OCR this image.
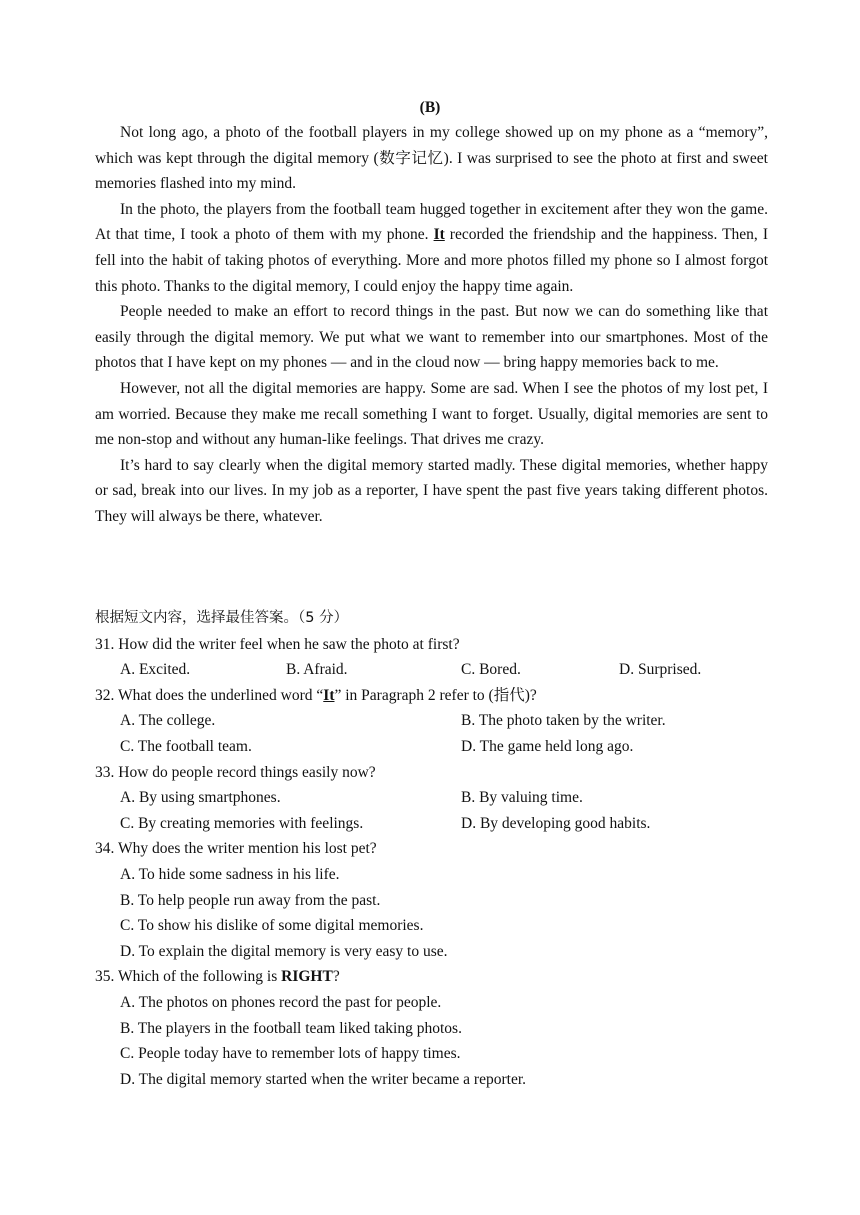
(B)

Not long ago, a photo of the football players in my college showed up on my phone as a “memory”, which was kept through the digital memory (数字记忆). I was surprised to see the photo at first and sweet memories flashed into my mind.

In the photo, the players from the football team hugged together in excitement after they won the game. At that time, I took a photo of them with my phone. It recorded the friendship and the happiness. Then, I fell into the habit of taking photos of everything. More and more photos filled my phone so I almost forgot this photo. Thanks to the digital memory, I could enjoy the happy time again.

People needed to make an effort to record things in the past. But now we can do something like that easily through the digital memory. We put what we want to remember into our smartphones. Most of the photos that I have kept on my phones — and in the cloud now — bring happy memories back to me.

However, not all the digital memories are happy. Some are sad. When I see the photos of my lost pet, I am worried. Because they make me recall something I want to forget. Usually, digital memories are sent to me non-stop and without any human-like feelings. That drives me crazy.

It’s hard to say clearly when the digital memory started madly. These digital memories, whether happy or sad, break into our lives. In my job as a reporter, I have spent the past five years taking different photos. They will always be there, whatever.

根据短文内容，选择最佳答案。（5 分）
31. How did the writer feel when he saw the photo at first?
A. Excited.	B. Afraid.	C. Bored.	D. Surprised.
32. What does the underlined word “It” in Paragraph 2 refer to (指代)?
A. The college.	B. The photo taken by the writer.
C. The football team.	D. The game held long ago.
33. How do people record things easily now?
A. By using smartphones.	B. By valuing time.
C. By creating memories with feelings.	D. By developing good habits.
34. Why does the writer mention his lost pet?
A. To hide some sadness in his life.
B. To help people run away from the past.
C. To show his dislike of some digital memories.
D. To explain the digital memory is very easy to use.
35. Which of the following is RIGHT?
A. The photos on phones record the past for people.
B. The players in the football team liked taking photos.
C. People today have to remember lots of happy times.
D. The digital memory started when the writer became a reporter.
